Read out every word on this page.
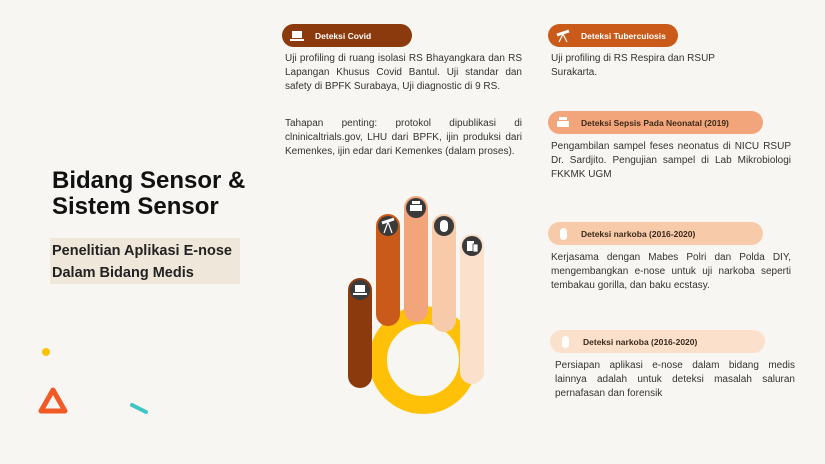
Bidang Sensor &
Sistem Sensor
Penelitian Aplikasi E-nose
Dalam Bidang Medis
Deteksi Covid

Uji profiling di ruang isolasi RS Bhayangkara dan RS Lapangan Khusus Covid Bantul. Uji standar dan safety di BPFK Surabaya, Uji diagnostic di 9 RS.

Tahapan penting: protokol dipublikasi di clninicaltrials.gov, LHU dari BPFK, ijin produksi dari Kemenkes, ijin edar dari Kemenkes (dalam proses).

Deteksi Tuberculosis

Uji profiling di RS Respira dan RSUP Surakarta.

Deteksi Sepsis Pada Neonatal (2019)

Pengambilan sampel feses neonatus di NICU RSUP Dr. Sardjito. Pengujian sampel di Lab Mikrobiologi FKKMK UGM

Deteksi narkoba (2016-2020)

Kerjasama dengan Mabes Polri dan Polda DIY, mengembangkan e-nose untuk uji narkoba seperti tembakau gorilla, dan baku ecstasy.

Deteksi narkoba (2016-2020)

Persiapan aplikasi e-nose dalam bidang medis lainnya adalah untuk deteksi masalah saluran pernafasan dan forensik
